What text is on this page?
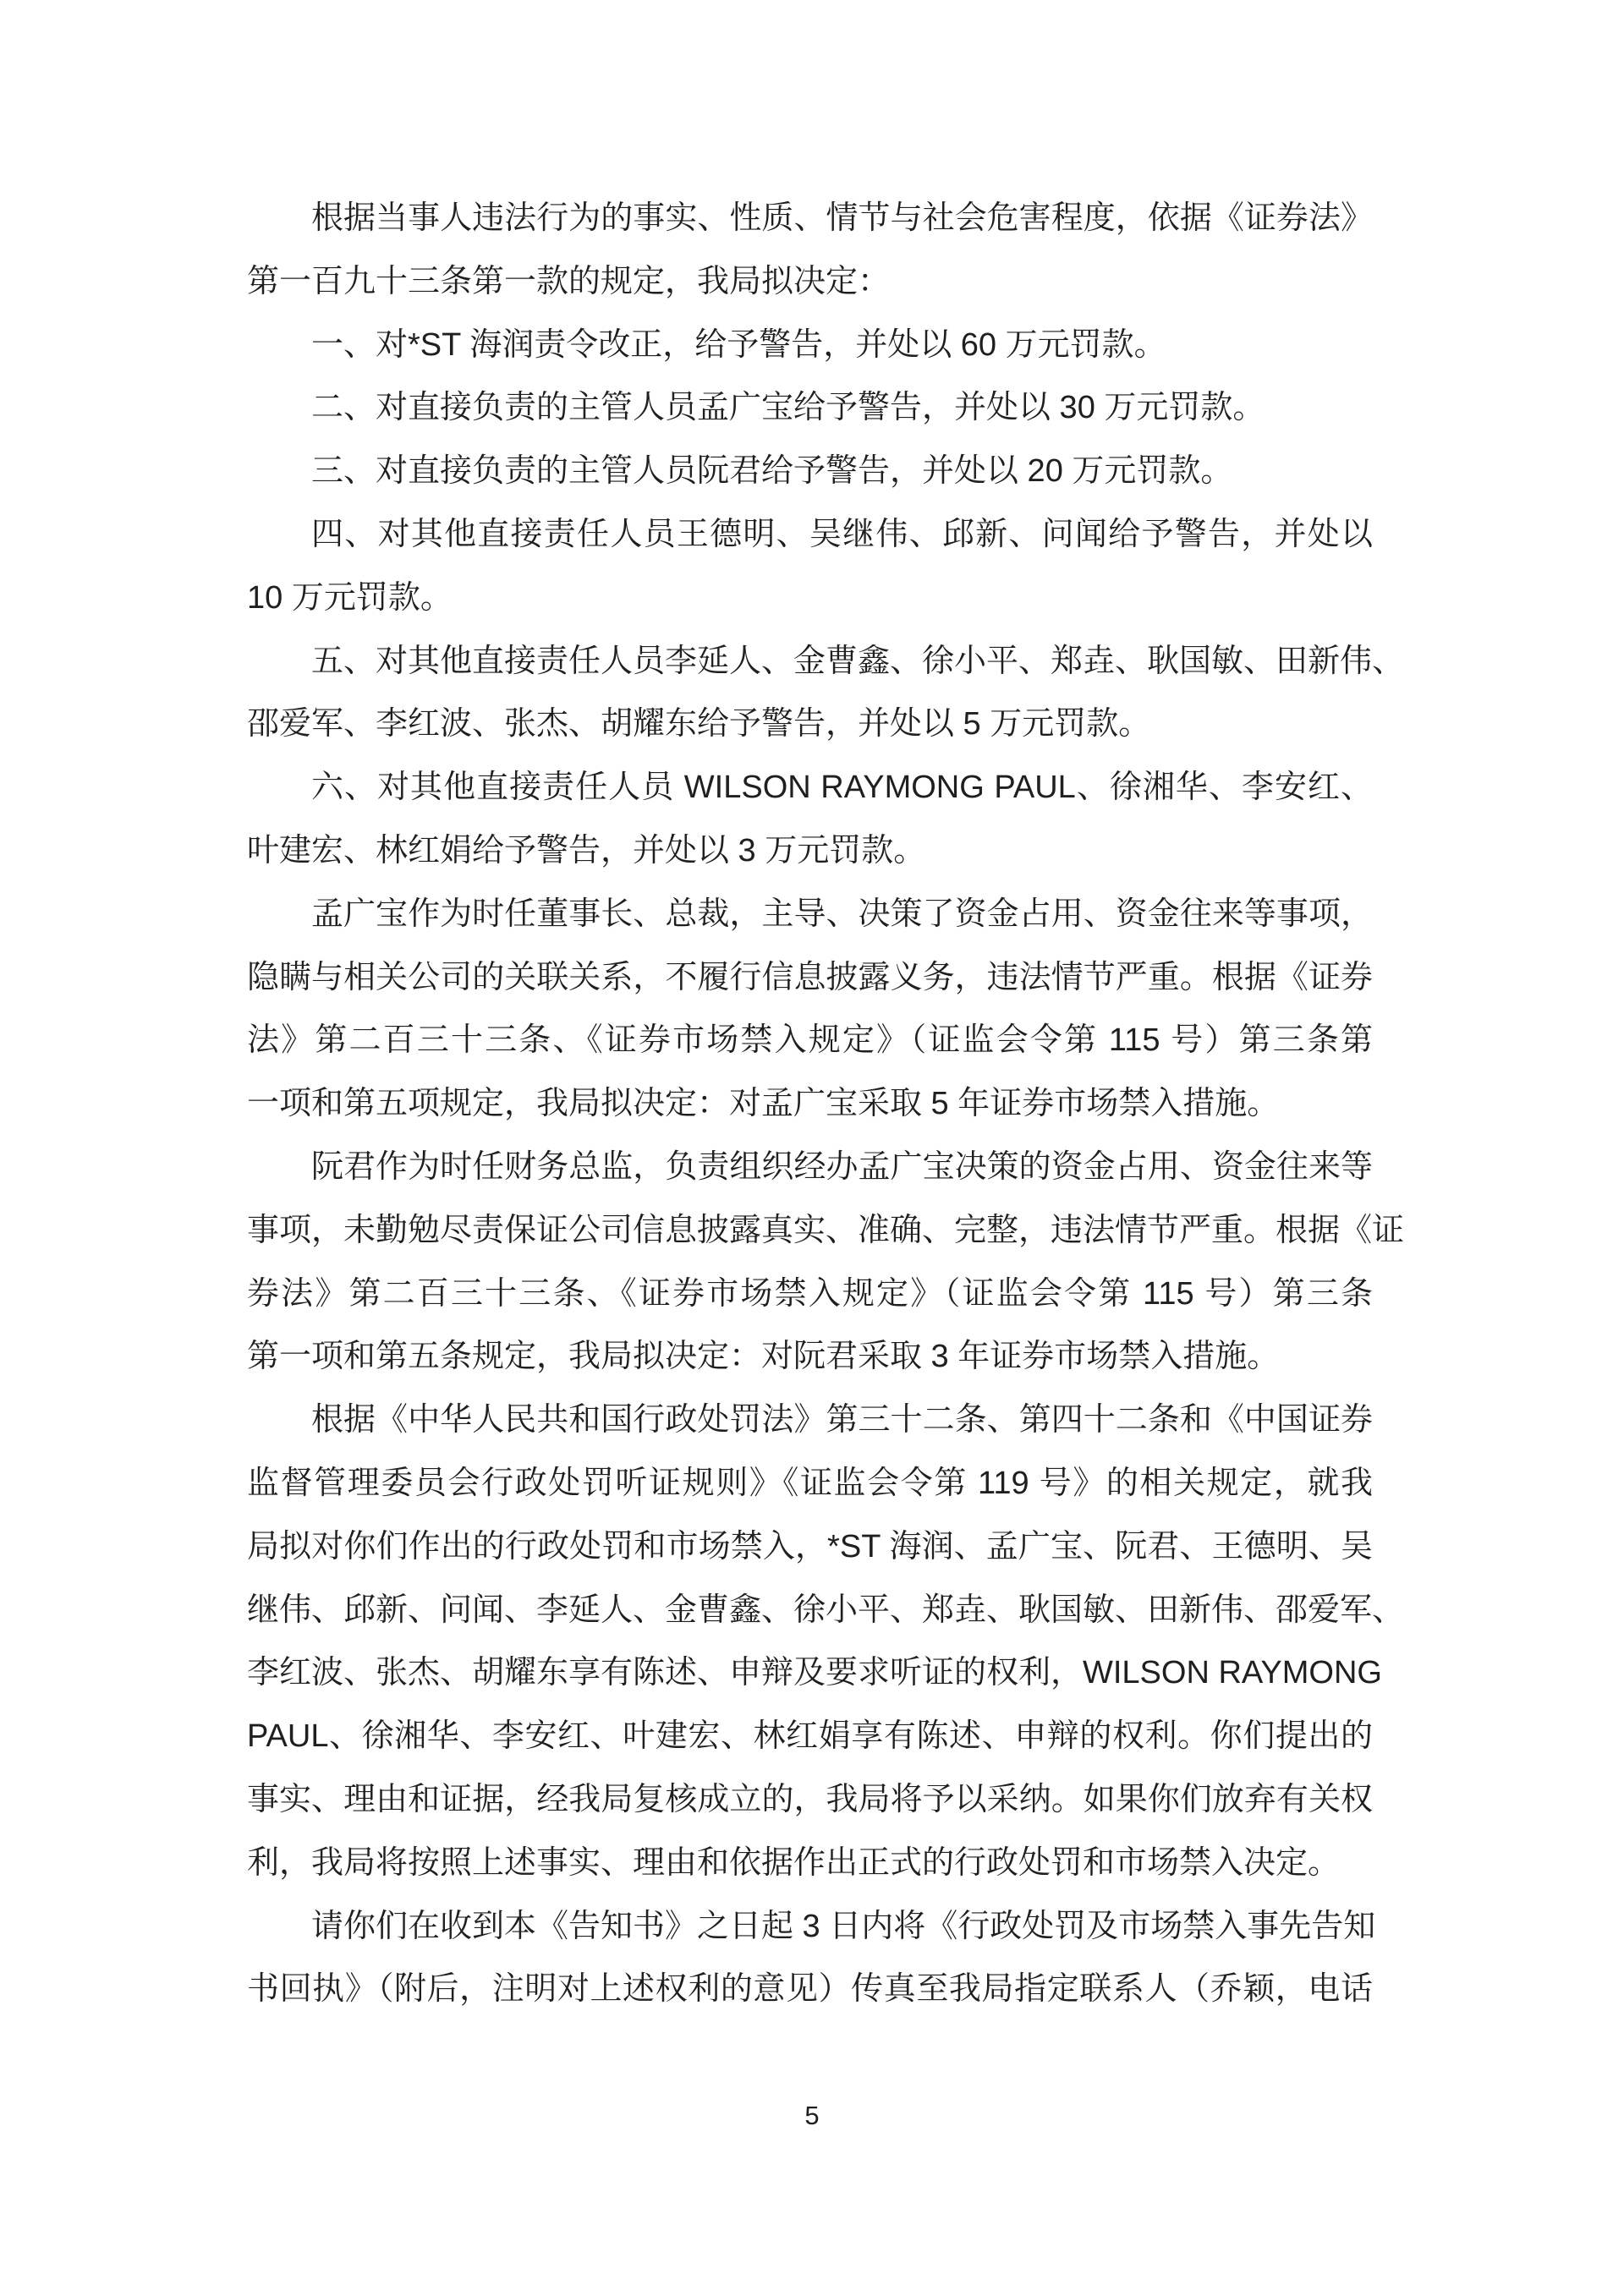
根据当事人违法行为的事实、性质、情节与社会危害程度，依据《证券法》
第一百九十三条第一款的规定，我局拟决定：
一、对*ST 海润责令改正，给予警告，并处以 60 万元罚款。
二、对直接负责的主管人员孟广宝给予警告，并处以 30 万元罚款。
三、对直接负责的主管人员阮君给予警告，并处以 20 万元罚款。
四、对其他直接责任人员王德明、吴继伟、邱新、问闻给予警告，并处以
10 万元罚款。
五、对其他直接责任人员李延人、金曹鑫、徐小平、郑垚、耿国敏、田新伟、
邵爱军、李红波、张杰、胡耀东给予警告，并处以 5 万元罚款。
六、对其他直接责任人员 WILSON RAYMONG PAUL、徐湘华、李安红、
叶建宏、林红娟给予警告，并处以 3 万元罚款。
孟广宝作为时任董事长、总裁，主导、决策了资金占用、资金往来等事项，
隐瞒与相关公司的关联关系，不履行信息披露义务，违法情节严重。根据《证券
法》第二百三十三条、《证券市场禁入规定》（证监会令第 115 号）第三条第
一项和第五项规定，我局拟决定：对孟广宝采取 5 年证券市场禁入措施。
阮君作为时任财务总监，负责组织经办孟广宝决策的资金占用、资金往来等
事项，未勤勉尽责保证公司信息披露真实、准确、完整，违法情节严重。根据《证
券法》第二百三十三条、《证券市场禁入规定》（证监会令第 115 号）第三条
第一项和第五条规定，我局拟决定：对阮君采取 3 年证券市场禁入措施。
根据《中华人民共和国行政处罚法》第三十二条、第四十二条和《中国证券
监督管理委员会行政处罚听证规则》《证监会令第 119 号》的相关规定，就我
局拟对你们作出的行政处罚和市场禁入，*ST 海润、孟广宝、阮君、王德明、吴
继伟、邱新、问闻、李延人、金曹鑫、徐小平、郑垚、耿国敏、田新伟、邵爱军、
李红波、张杰、胡耀东享有陈述、申辩及要求听证的权利，WILSON RAYMONG
PAUL、徐湘华、李安红、叶建宏、林红娟享有陈述、申辩的权利。你们提出的
事实、理由和证据，经我局复核成立的，我局将予以采纳。如果你们放弃有关权
利，我局将按照上述事实、理由和依据作出正式的行政处罚和市场禁入决定。
请你们在收到本《告知书》之日起 3 日内将《行政处罚及市场禁入事先告知
书回执》（附后，注明对上述权利的意见）传真至我局指定联系人（乔颖，电话
5
